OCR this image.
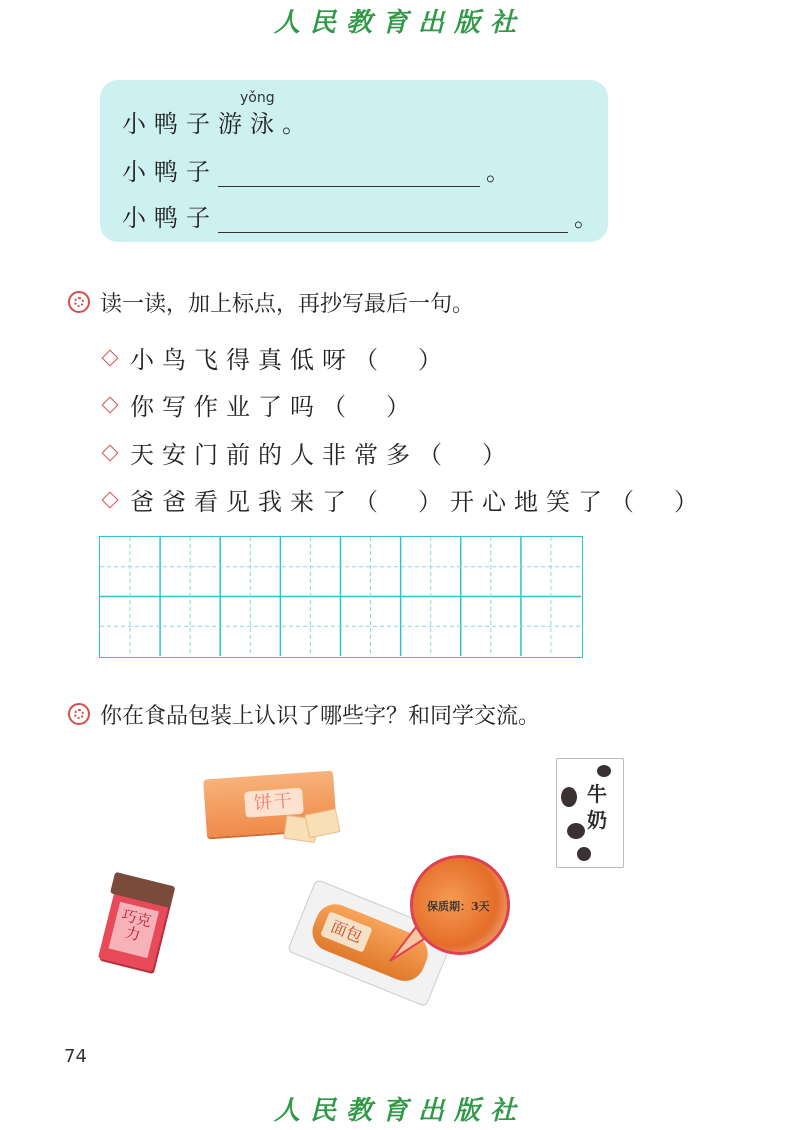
人民教育出版社
小鸭子游泳
yǒng
。
小鸭子	。
小鸭子	。
读一读，加上标点，再抄写最后一句。
小鸟飞得真低呀（　）
你写作业了吗（　）
天安门前的人非常多（　）
爸爸看见我来了（　）开心地笑了（　）
你在食品包装上认识了哪些字？和同学交流。
饼干	牛奶
巧克力	面包
保质期：3天
74
人民教育出版社
